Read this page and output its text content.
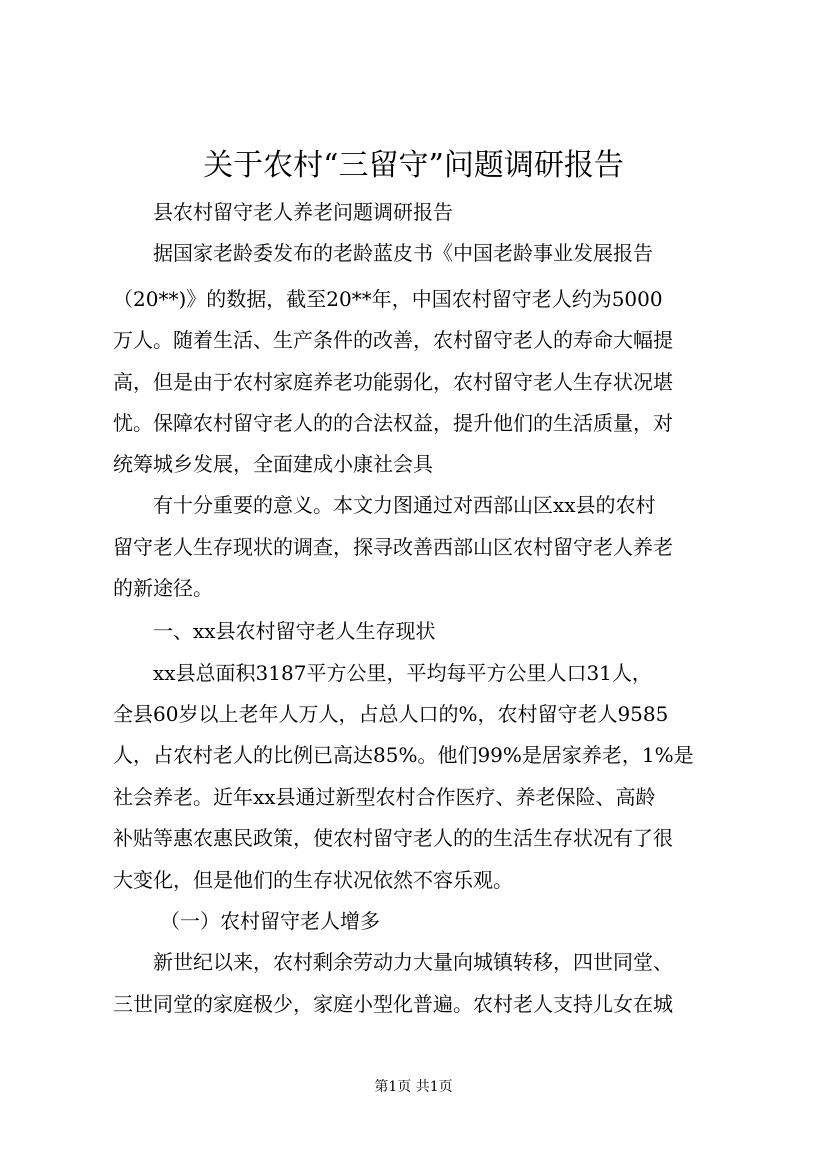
关于农村“三留守”问题调研报告
县农村留守老人养老问题调研报告
据国家老龄委发布的老龄蓝皮书《中国老龄事业发展报告
（20**)》的数据，截至20**年，中国农村留守老人约为5000
万人。随着生活、生产条件的改善，农村留守老人的寿命大幅提
高，但是由于农村家庭养老功能弱化，农村留守老人生存状况堪
忧。保障农村留守老人的的合法权益，提升他们的生活质量，对
统筹城乡发展，全面建成小康社会具
有十分重要的意义。本文力图通过对西部山区xx县的农村
留守老人生存现状的调查，探寻改善西部山区农村留守老人养老
的新途径。
一、xx县农村留守老人生存现状
xx县总面积3187平方公里，平均每平方公里人口31人，
全县60岁以上老年人万人，占总人口的%，农村留守老人9585
人，占农村老人的比例已高达85%。他们99%是居家养老，1%是
社会养老。近年xx县通过新型农村合作医疗、养老保险、高龄
补贴等惠农惠民政策，使农村留守老人的的生活生存状况有了很
大变化，但是他们的生存状况依然不容乐观。
（一）农村留守老人增多
新世纪以来，农村剩余劳动力大量向城镇转移，四世同堂、
三世同堂的家庭极少，家庭小型化普遍。农村老人支持儿女在城
第1页 共1页
